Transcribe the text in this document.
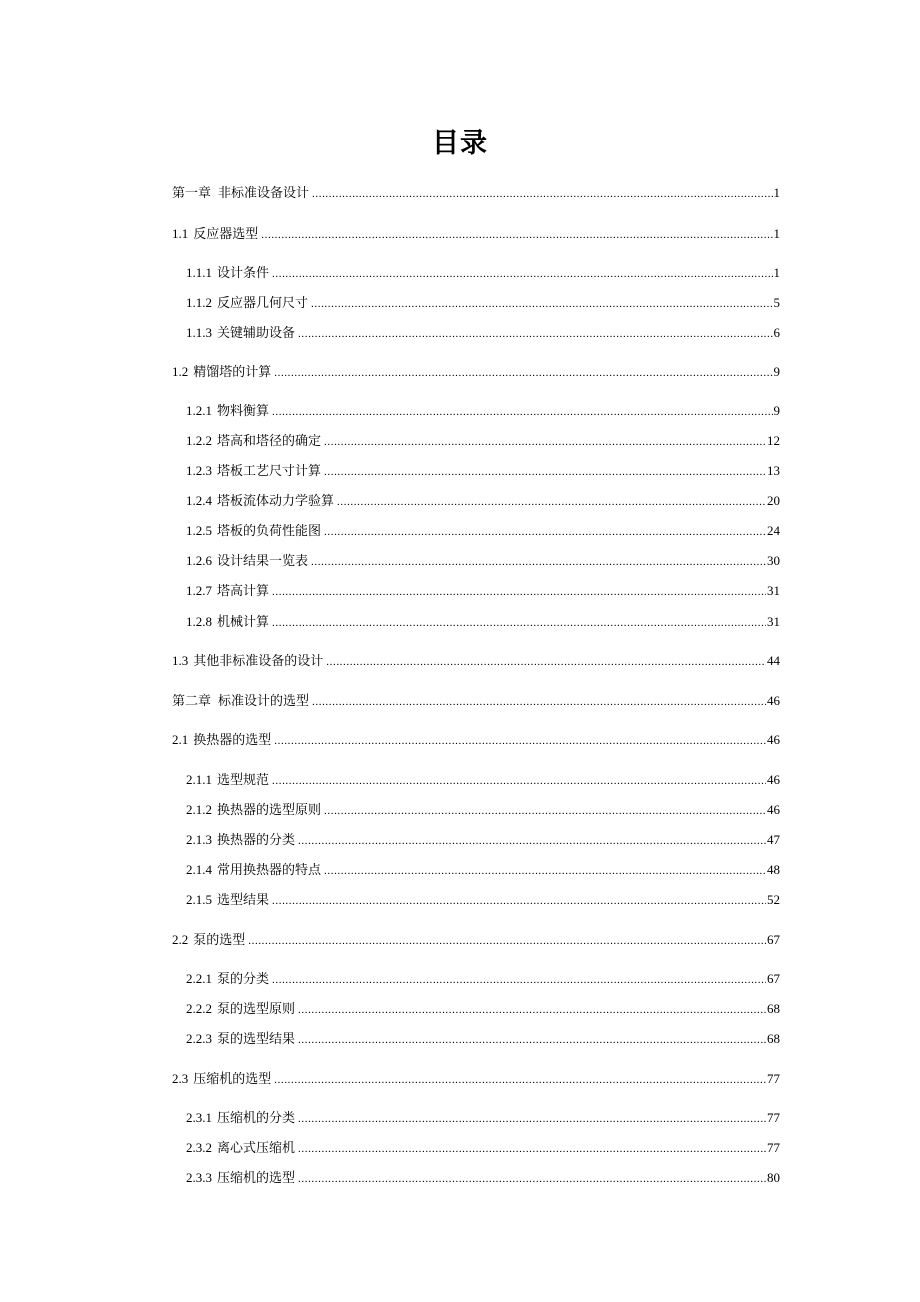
目录
第一章 非标准设备设计 .....	1
1.1 反应器选型 .....	1
1.1.1 设计条件 .....	1
1.1.2 反应器几何尺寸 .....	5
1.1.3 关键辅助设备 .....	6
1.2 精馏塔的计算 .....	9
1.2.1 物料衡算 .....	9
1.2.2 塔高和塔径的确定 .....	12
1.2.3 塔板工艺尺寸计算 .....	13
1.2.4 塔板流体动力学验算 .....	20
1.2.5 塔板的负荷性能图 .....	24
1.2.6 设计结果一览表 .....	30
1.2.7 塔高计算 .....	31
1.2.8 机械计算 .....	31
1.3 其他非标准设备的设计 .....	44
第二章 标准设计的选型 .....	46
2.1 换热器的选型 .....	46
2.1.1 选型规范 .....	46
2.1.2 换热器的选型原则 .....	46
2.1.3 换热器的分类 .....	47
2.1.4 常用换热器的特点 .....	48
2.1.5 选型结果 .....	52
2.2 泵的选型 .....	67
2.2.1 泵的分类 .....	67
2.2.2 泵的选型原则 .....	68
2.2.3 泵的选型结果 .....	68
2.3 压缩机的选型 .....	77
2.3.1 压缩机的分类 .....	77
2.3.2 离心式压缩机 .....	77
2.3.3 压缩机的选型 .....	80
